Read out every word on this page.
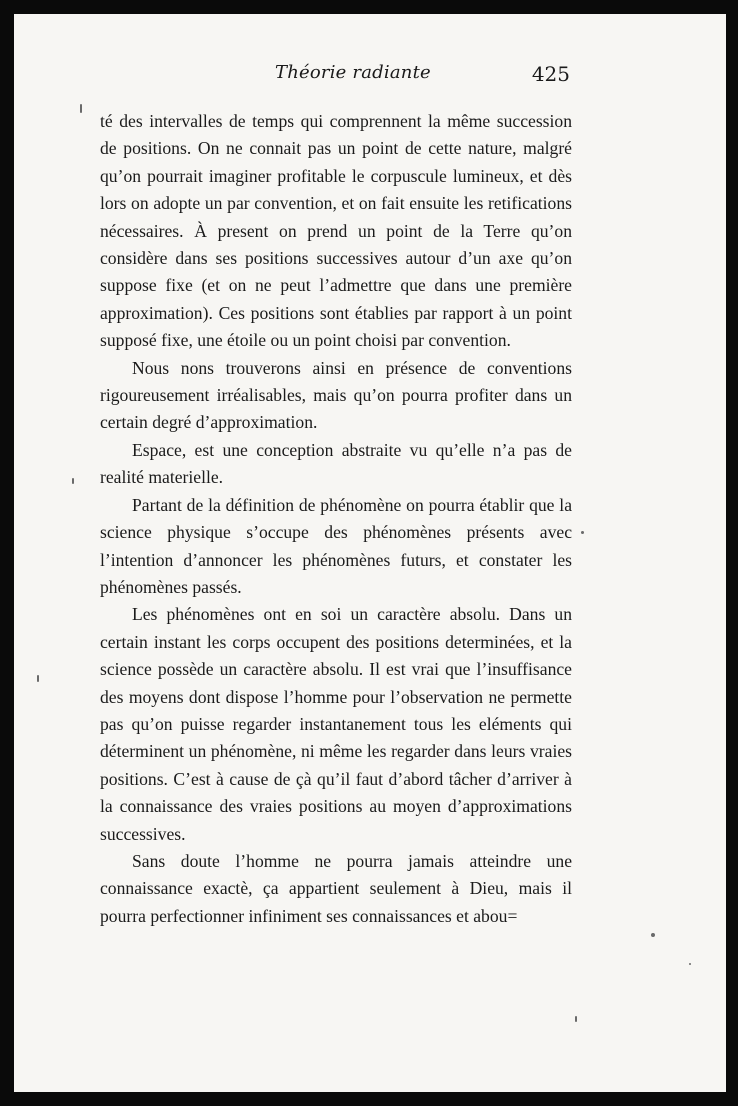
Théorie radiante	425

té des intervalles de temps qui comprennent la même succession de positions. On ne connait pas un point de cette nature, malgré qu’on pourrait imaginer profitable le corpuscule lumineux, et dès lors on adopte un par convention, et on fait ensuite les retifications nécessaires. À present on prend un point de la Terre qu’on considère dans ses positions successives autour d’un axe qu’on suppose fixe (et on ne peut l’admettre que dans une première approximation). Ces positions sont établies par rapport à un point supposé fixe, une étoile ou un point choisi par convention.

Nous nons trouverons ainsi en présence de conventions rigoureusement irréalisables, mais qu’on pourra profiter dans un certain degré d’approximation.

Espace, est une conception abstraite vu qu’elle n’a pas de realité materielle.

Partant de la définition de phénomène on pourra établir que la science physique s’occupe des phénomènes présents avec l’intention d’annoncer les phénomènes futurs, et constater les phénomènes passés.

Les phénomènes ont en soi un caractère absolu. Dans un certain instant les corps occupent des positions determinées, et la science possède un caractère absolu. Il est vrai que l’insuffisance des moyens dont dispose l’homme pour l’observation ne permette pas qu’on puisse regarder instantanement tous les eléments qui déterminent un phénomène, ni même les regarder dans leurs vraies positions. C’est à cause de çà qu’il faut d’abord tâcher d’arriver à la connaissance des vraies positions au moyen d’approximations successives.

Sans doute l’homme ne pourra jamais atteindre une connaissance exactè, ça appartient seulement à Dieu, mais il pourra perfectionner infiniment ses connaissances et abou=
